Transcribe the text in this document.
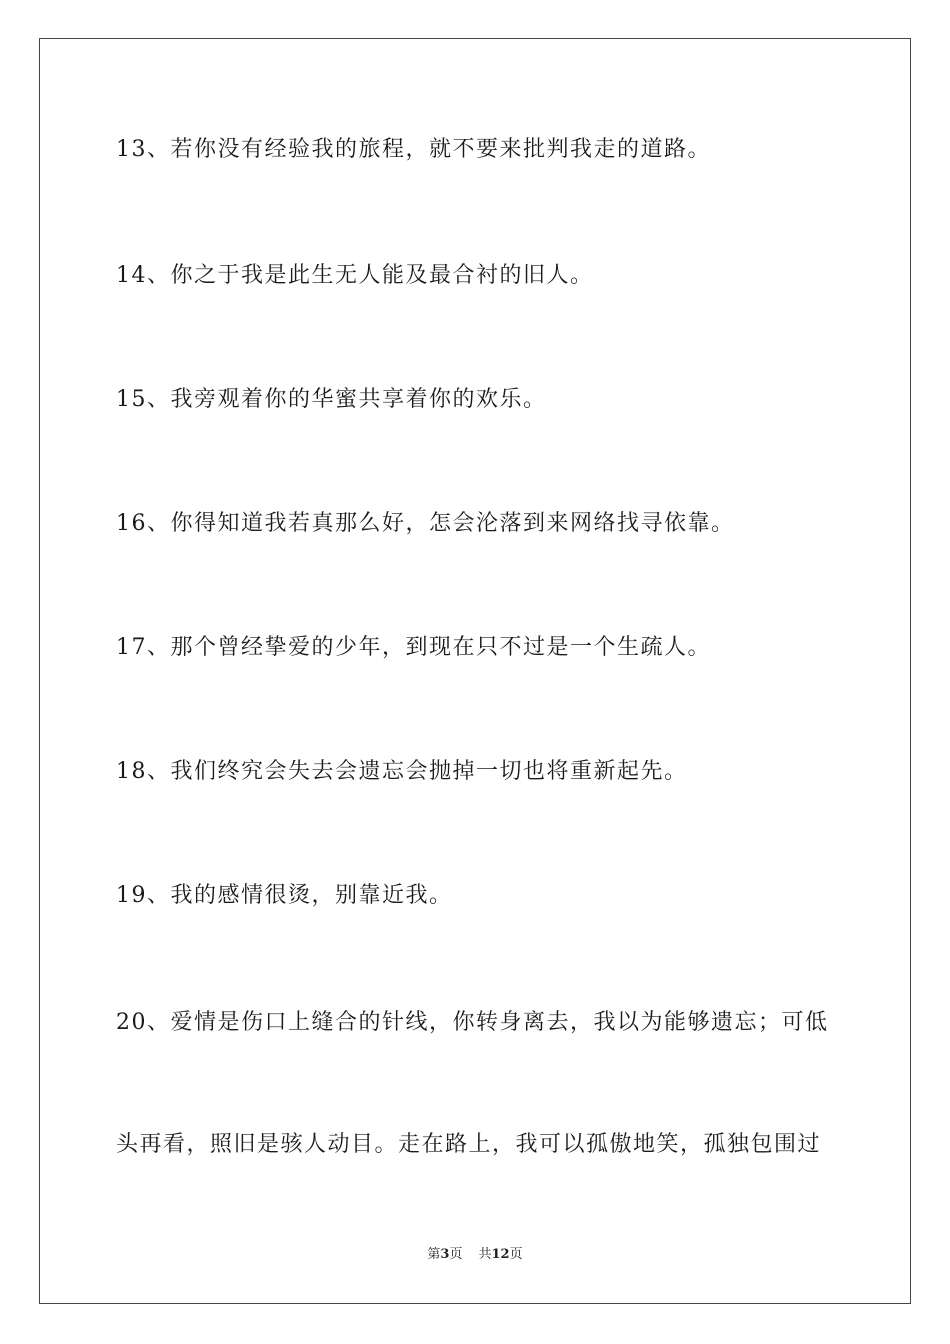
13、若你没有经验我的旅程，就不要来批判我走的道路。
14、你之于我是此生无人能及最合衬的旧人。
15、我旁观着你的华蜜共享着你的欢乐。
16、你得知道我若真那么好，怎会沦落到来网络找寻依靠。
17、那个曾经挚爱的少年，到现在只不过是一个生疏人。
18、我们终究会失去会遗忘会抛掉一切也将重新起先。
19、我的感情很烫，别靠近我。
20、爱情是伤口上缝合的针线，你转身离去，我以为能够遗忘；可低
头再看，照旧是骇人动目。走在路上，我可以孤傲地笑，孤独包围过
第3页 共12页
